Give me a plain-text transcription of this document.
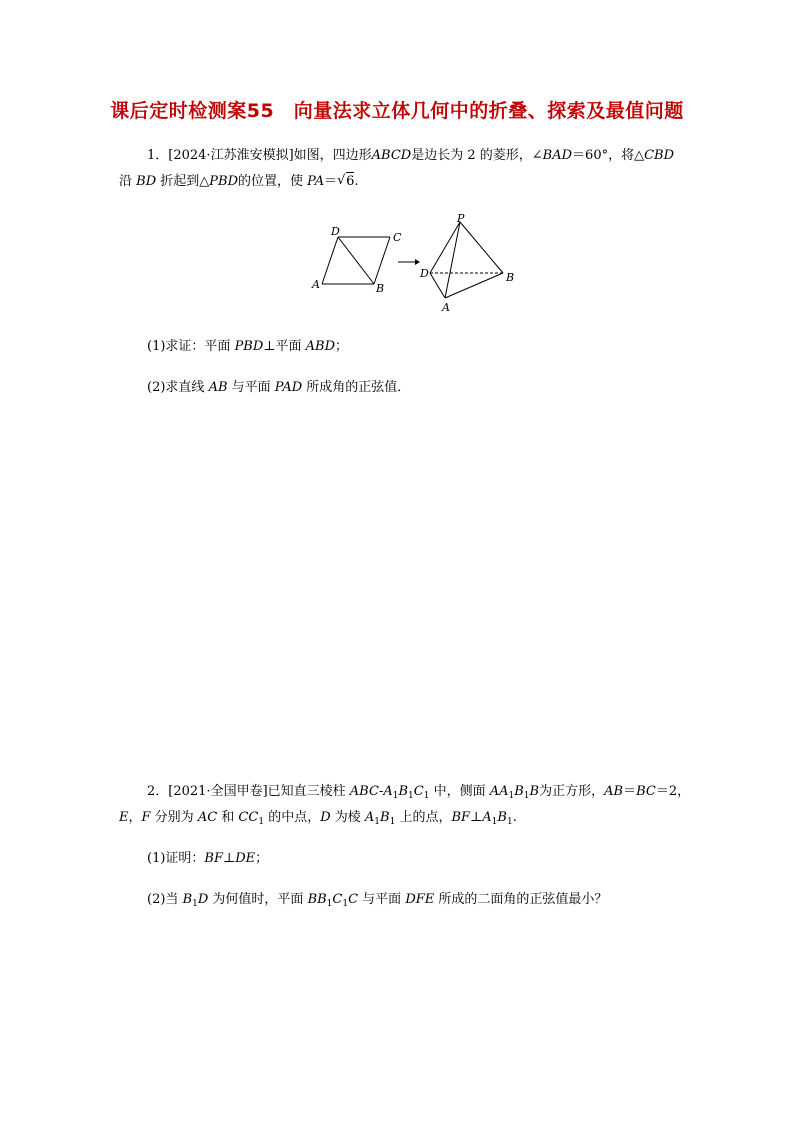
课后定时检测案55　向量法求立体几何中的折叠、探索及最值问题
1．[2024·江苏淮安模拟]如图，四边形ABCD是边长为 2 的菱形，∠BAD＝60°，将△CBD
沿 BD 折起到△PBD的位置，使 PA＝ √ 6.
D	C
A	B
P
D	B
A
(1)求证：平面 PBD⊥平面 ABD；
(2)求直线 AB 与平面 PAD 所成角的正弦值．
2．[2021·全国甲卷]已知直三棱柱 ABC-$A_1B_1C_1$ 中，侧面 $AA_1B_1B$为正方形，AB＝BC＝2，
E，F 分别为 AC 和 $CC_1$ 的中点，D 为棱 $A_1B_1$ 上的点，$BF\perp A_1B_1$.
(1)证明：BF⊥DE；
(2)当 $B_1D$ 为何值时，平面 $BB_1C_1C$ 与平面 DFE 所成的二面角的正弦值最小？
